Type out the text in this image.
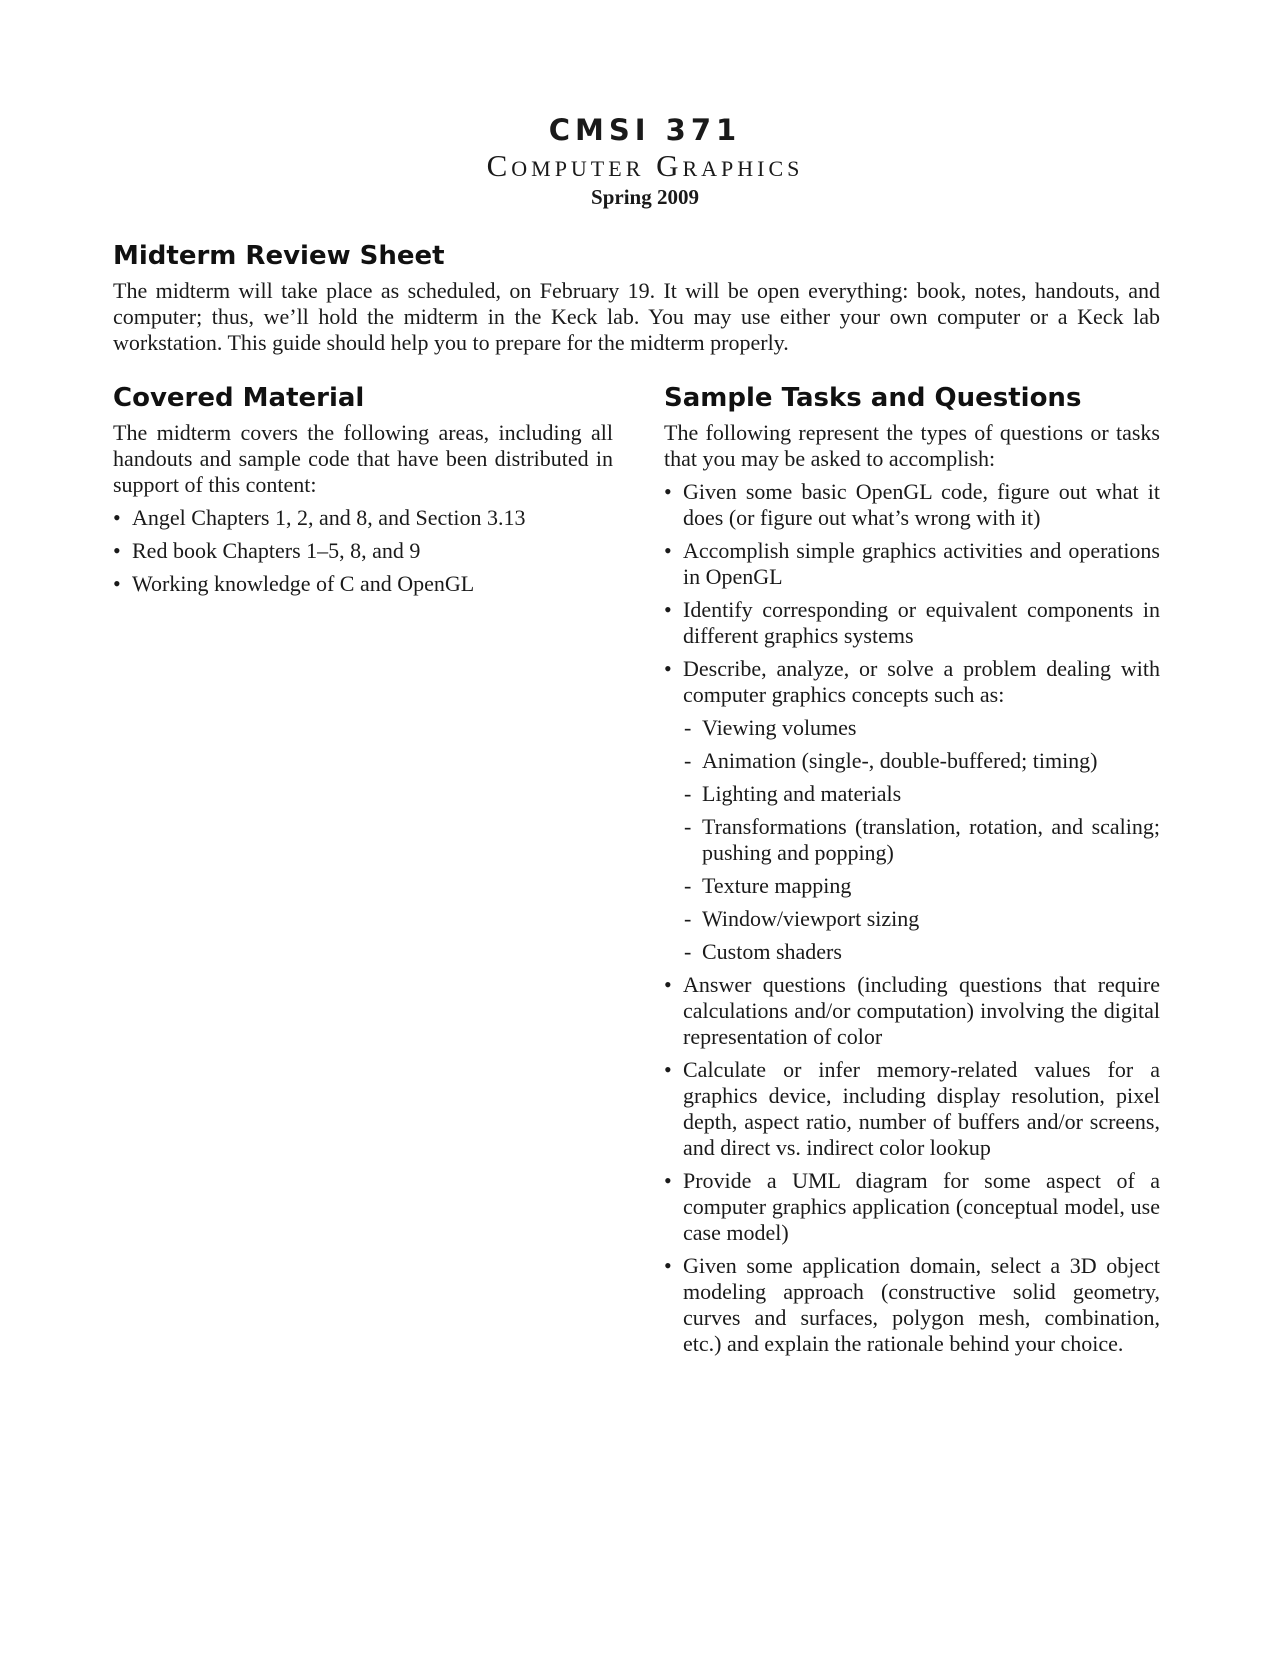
CMSI 371
Computer Graphics
Spring 2009
Midterm Review Sheet

The midterm will take place as scheduled, on February 19. It will be open everything: book, notes, handouts, and computer; thus, we’ll hold the midterm in the Keck lab. You may use either your own computer or a Keck lab workstation. This guide should help you to prepare for the midterm properly.

Covered Material

The midterm covers the following areas, including all handouts and sample code that have been distributed in support of this content:

• Angel Chapters 1, 2, and 8, and Section 3.13
• Red book Chapters 1–5, 8, and 9
• Working knowledge of C and OpenGL
Sample Tasks and Questions

The following represent the types of questions or tasks that you may be asked to accomplish:

• Given some basic OpenGL code, figure out what it does (or figure out what’s wrong with it)
• Accomplish simple graphics activities and operations in OpenGL
• Identify corresponding or equivalent components in different graphics systems
• Describe, analyze, or solve a problem dealing with computer graphics concepts such as:
- Viewing volumes
- Animation (single-, double-buffered; timing)
- Lighting and materials
- Transformations (translation, rotation, and scaling; pushing and popping)
- Texture mapping
- Window/viewport sizing
- Custom shaders
• Answer questions (including questions that require calculations and/or computation) involving the digital representation of color
• Calculate or infer memory-related values for a graphics device, including display resolution, pixel depth, aspect ratio, number of buffers and/or screens, and direct vs. indirect color lookup
• Provide a UML diagram for some aspect of a computer graphics application (conceptual model, use case model)
• Given some application domain, select a 3D object modeling approach (constructive solid geometry, curves and surfaces, polygon mesh, combination, etc.) and explain the rationale behind your choice.
